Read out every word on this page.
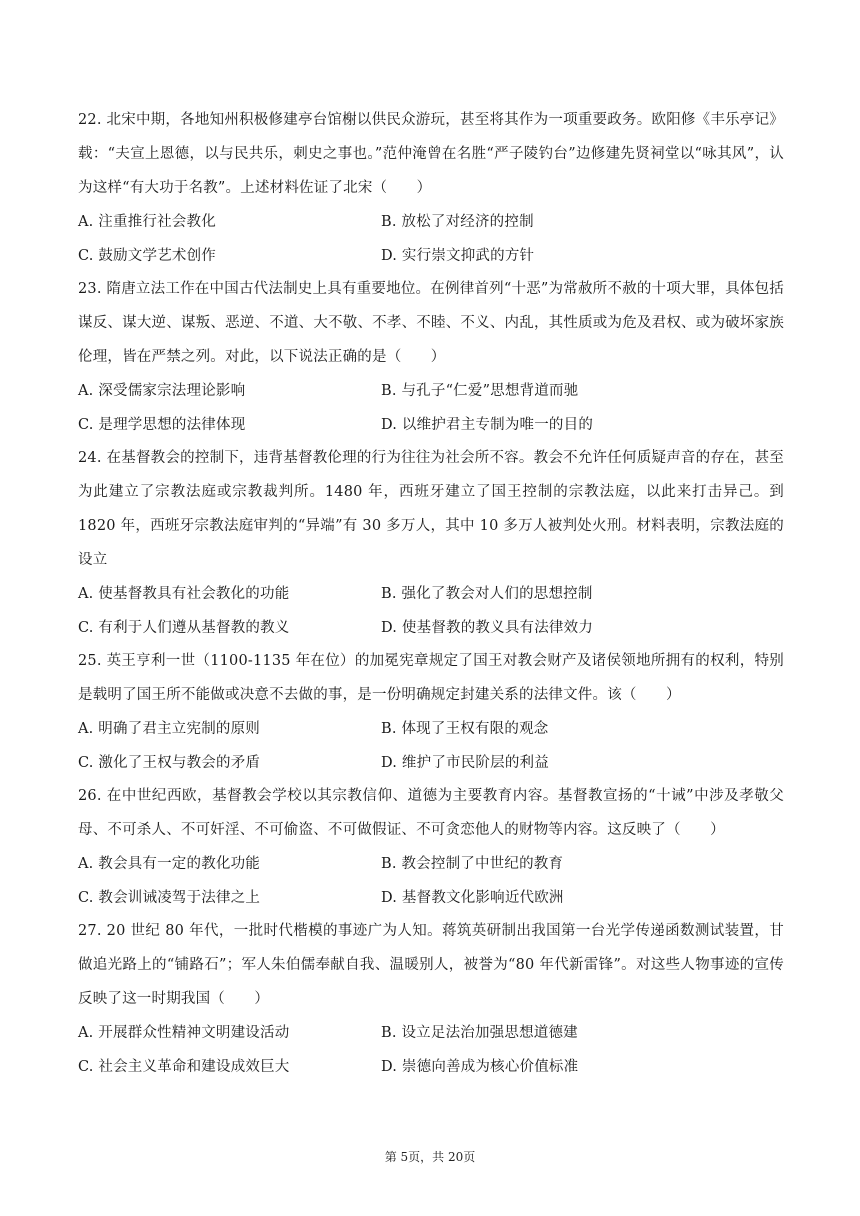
22. 北宋中期，各地知州积极修建亭台馆榭以供民众游玩，甚至将其作为一项重要政务。欧阳修《丰乐亭记》载：“夫宣上恩德，以与民共乐，刺史之事也。”范仲淹曾在名胜“严子陵钓台”边修建先贤祠堂以“咏其风”，认为这样“有大功于名教”。上述材料佐证了北宋（　　）

A. 注重推行社会教化	B. 放松了对经济的控制
C. 鼓励文学艺术创作	D. 实行崇文抑武的方针

23. 隋唐立法工作在中国古代法制史上具有重要地位。在例律首列“十恶”为常赦所不赦的十项大罪，具体包括谋反、谋大逆、谋叛、恶逆、不道、大不敬、不孝、不睦、不义、内乱，其性质或为危及君权、或为破坏家族伦理，皆在严禁之列。对此，以下说法正确的是（　　）

A. 深受儒家宗法理论影响	B. 与孔子“仁爱”思想背道而驰
C. 是理学思想的法律体现	D. 以维护君主专制为唯一的目的

24. 在基督教会的控制下，违背基督教伦理的行为往往为社会所不容。教会不允许任何质疑声音的存在，甚至为此建立了宗教法庭或宗教裁判所。1480 年，西班牙建立了国王控制的宗教法庭，以此来打击异己。到 1820 年，西班牙宗教法庭审判的“异端”有 30 多万人，其中 10 多万人被判处火刑。材料表明，宗教法庭的设立

A. 使基督教具有社会教化的功能	B. 强化了教会对人们的思想控制
C. 有利于人们遵从基督教的教义	D. 使基督教的教义具有法律效力

25. 英王亨利一世（1100-1135 年在位）的加冕宪章规定了国王对教会财产及诸侯领地所拥有的权利，特别是载明了国王所不能做或决意不去做的事，是一份明确规定封建关系的法律文件。该（　　）

A. 明确了君主立宪制的原则	B. 体现了王权有限的观念
C. 激化了王权与教会的矛盾	D. 维护了市民阶层的利益

26. 在中世纪西欧，基督教会学校以其宗教信仰、道德为主要教育内容。基督教宣扬的“十诫”中涉及孝敬父母、不可杀人、不可奸淫、不可偷盗、不可做假证、不可贪恋他人的财物等内容。这反映了（　　）

A. 教会具有一定的教化功能	B. 教会控制了中世纪的教育
C. 教会训诫凌驾于法律之上	D. 基督教文化影响近代欧洲

27. 20 世纪 80 年代，一批时代楷模的事迹广为人知。蒋筑英研制出我国第一台光学传递函数测试装置，甘做追光路上的“铺路石”；军人朱伯儒奉献自我、温暖别人，被誉为“80 年代新雷锋”。对这些人物事迹的宣传反映了这一时期我国（　　）

A. 开展群众性精神文明建设活动	B. 设立足法治加强思想道德建
C. 社会主义革命和建设成效巨大	D. 崇德向善成为核心价值标准
第 5页，共 20页
